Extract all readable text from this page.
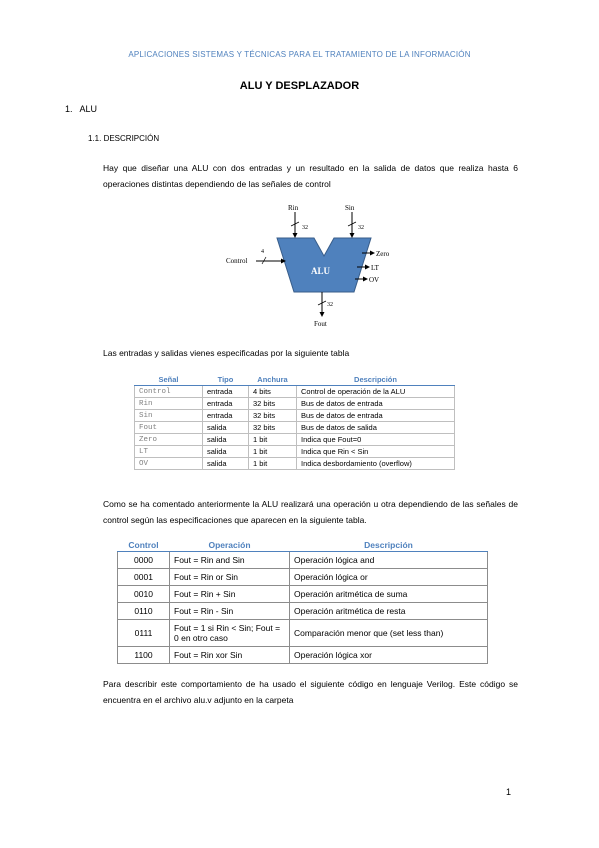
APLICACIONES SISTEMAS Y TÉCNICAS PARA EL TRATAMIENTO DE LA INFORMACIÓN
ALU Y DESPLAZADOR
1.   ALU
1.1. DESCRIPCIÓN
Hay que diseñar una ALU con dos entradas y un resultado en la salida de datos que realiza hasta 6 operaciones distintas dependiendo de las señales de control
Rin
32
Sin
32
Control
4
ALU
Zero
LT
OV
32
Fout
Las entradas y salidas vienes especificadas por la siguiente tabla
Señal	Tipo	Anchura	Descripción
Control	entrada	4 bits	Control de operación de la ALU
Rin	entrada	32 bits	Bus de datos de entrada
Sin	entrada	32 bits	Bus de datos de entrada
Fout	salida	32 bits	Bus de datos de salida
Zero	salida	1 bit	Indica que Fout=0
LT	salida	1 bit	Indica que Rin < Sin
OV	salida	1 bit	Indica desbordamiento (overflow)
Como se ha comentado anteriormente la ALU realizará una operación u otra dependiendo de las señales de control según las especificaciones que aparecen en la siguiente tabla.
Control	Operación	Descripción
0000	Fout = Rin and Sin	Operación lógica and
0001	Fout = Rin or Sin	Operación lógica or
0010	Fout = Rin + Sin	Operación aritmética de suma
0110	Fout = Rin - Sin	Operación aritmética de resta
0111	Fout = 1 si Rin < Sin; Fout = 0 en otro caso	Comparación menor que (set less than)
1100	Fout = Rin xor Sin	Operación lógica xor
Para describir este comportamiento de ha usado el siguiente código en lenguaje Verilog. Este código se encuentra en el archivo alu.v adjunto en la carpeta
1
